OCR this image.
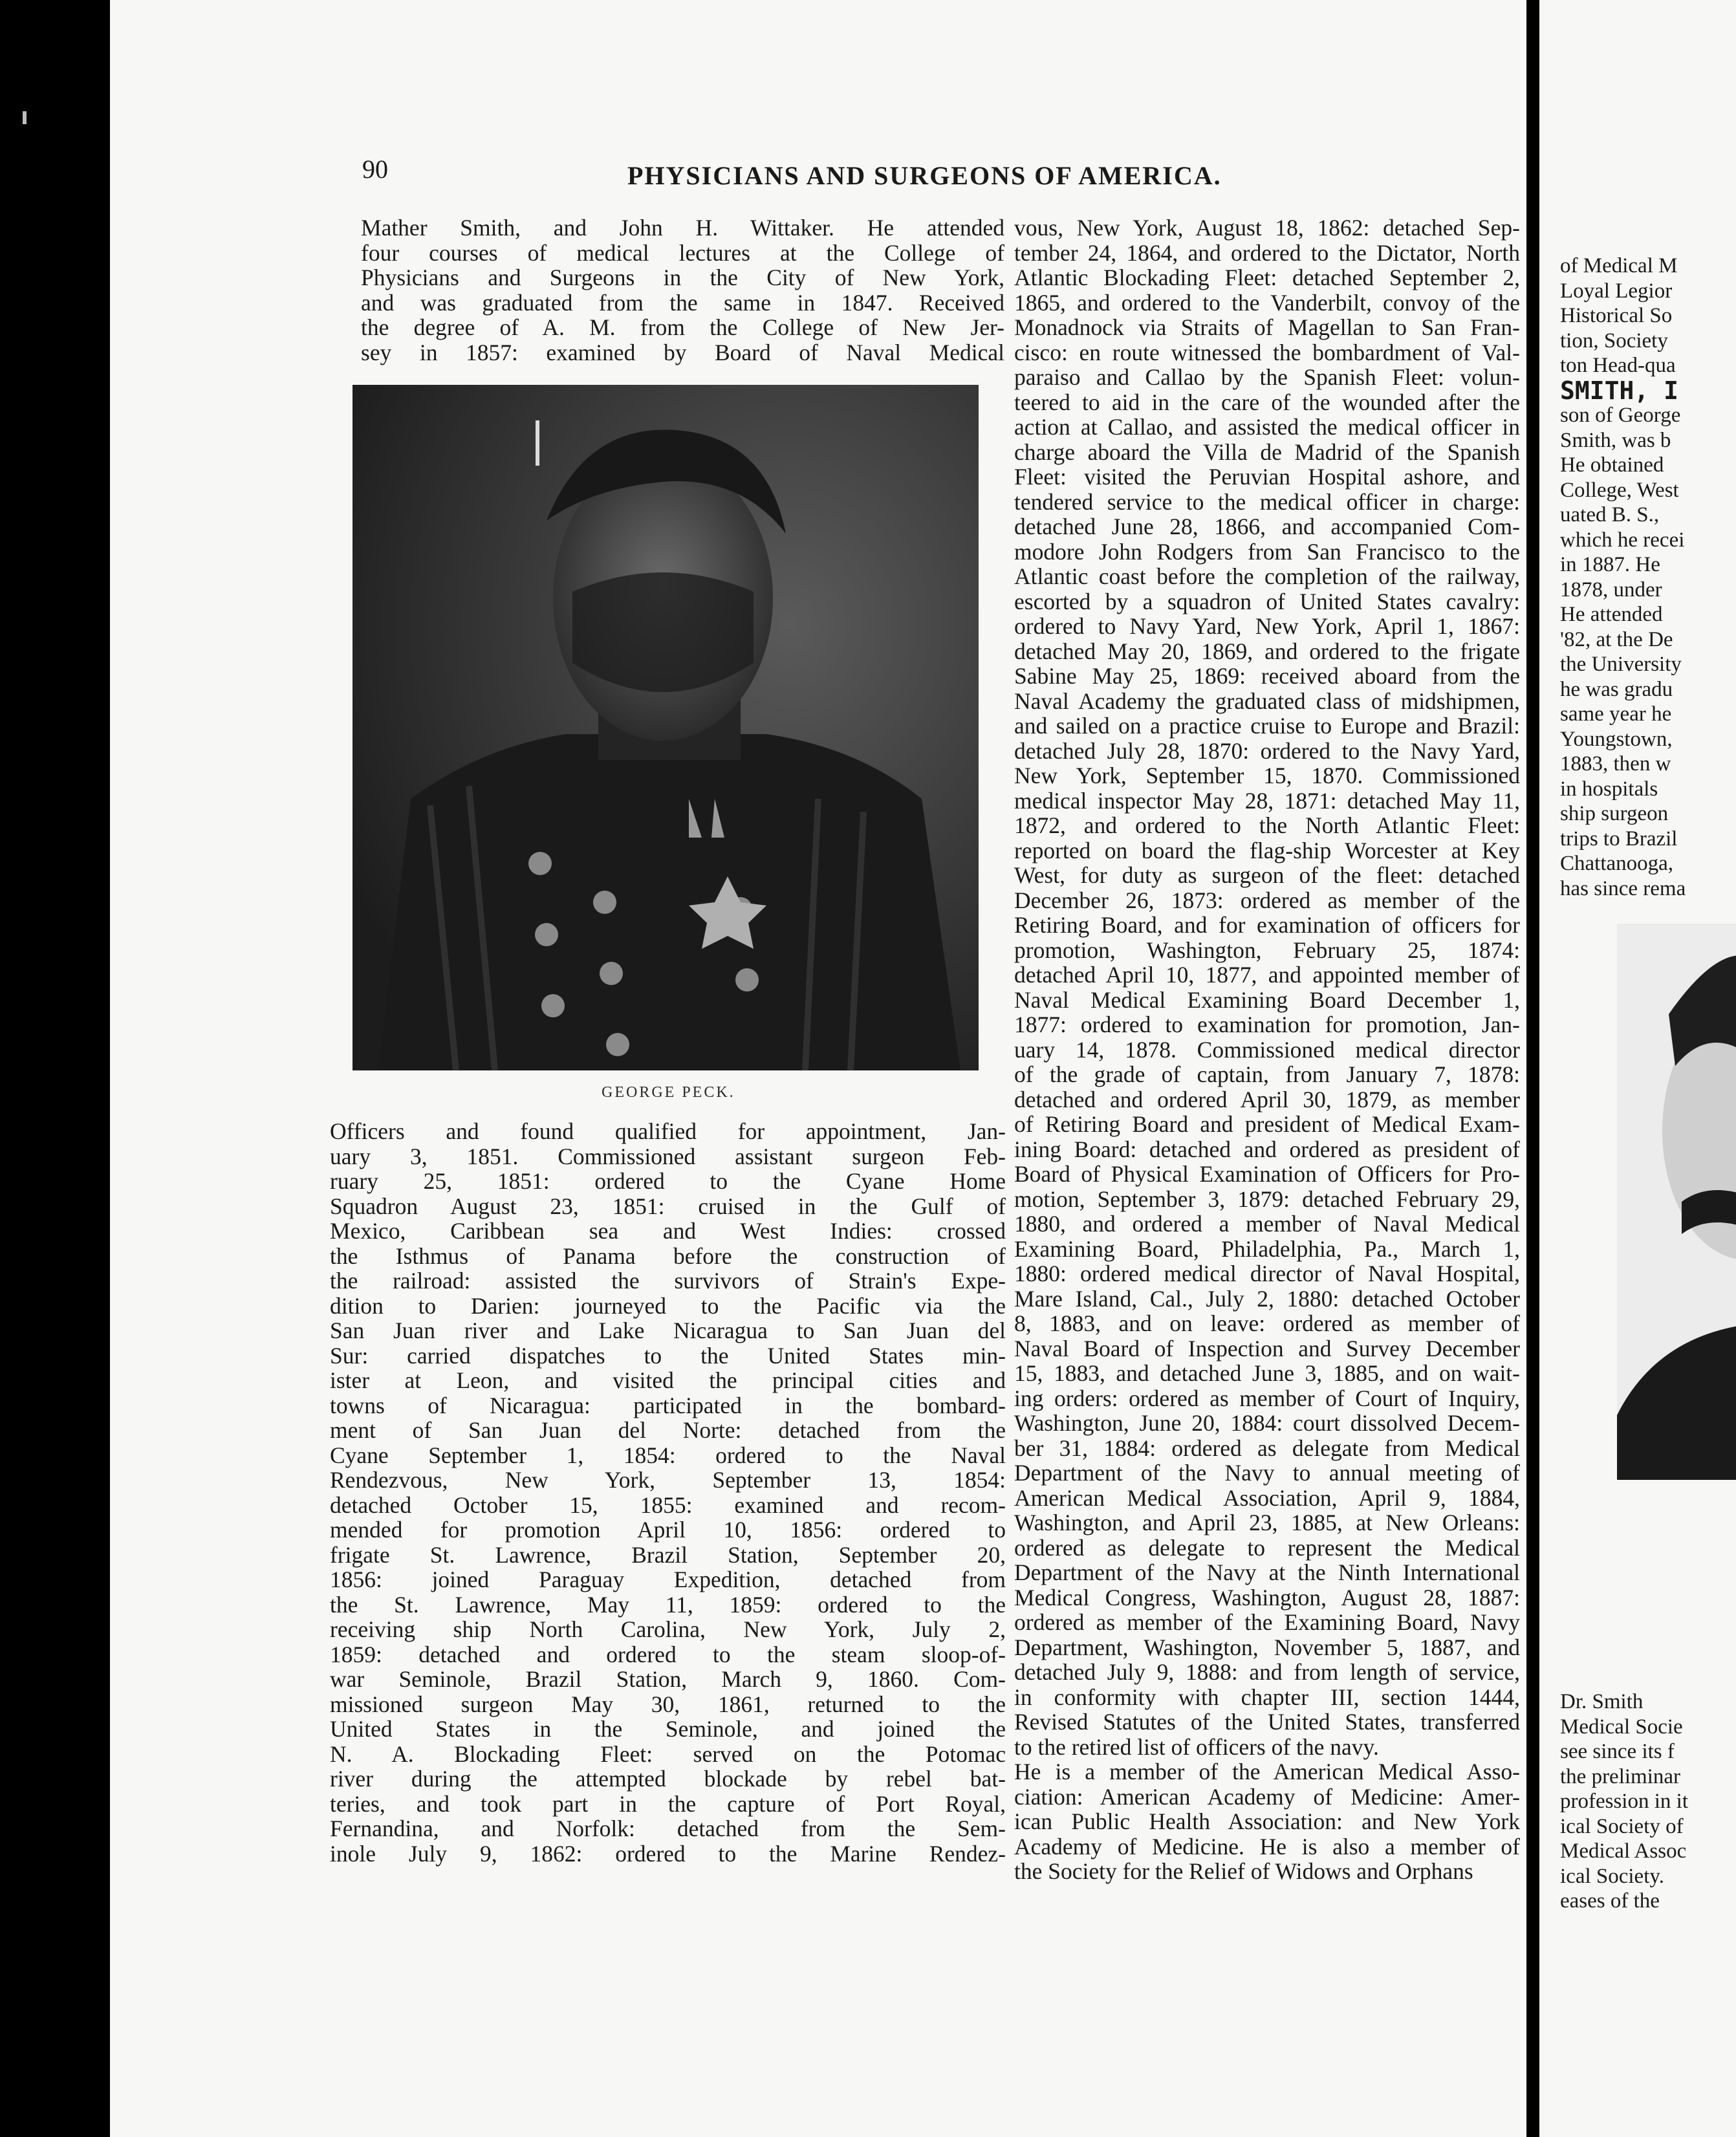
90	PHYSICIANS AND SURGEONS OF AMERICA.
Mather Smith, and John H. Wittaker. He attended
four courses of medical lectures at the College of
Physicians and Surgeons in the City of New York,
and was graduated from the same in 1847. Received
the degree of A. M. from the College of New Jer-
sey in 1857: examined by Board of Naval Medical
GEORGE PECK.
Officers and found qualified for appointment, Jan-
uary 3, 1851. Commissioned assistant surgeon Feb-
ruary 25, 1851: ordered to the Cyane Home
Squadron August 23, 1851: cruised in the Gulf of
Mexico, Caribbean sea and West Indies: crossed
the Isthmus of Panama before the construction of
the railroad: assisted the survivors of Strain's Expe-
dition to Darien: journeyed to the Pacific via the
San Juan river and Lake Nicaragua to San Juan del
Sur: carried dispatches to the United States min-
ister at Leon, and visited the principal cities and
towns of Nicaragua: participated in the bombard-
ment of San Juan del Norte: detached from the
Cyane September 1, 1854: ordered to the Naval
Rendezvous, New York, September 13, 1854:
detached October 15, 1855: examined and recom-
mended for promotion April 10, 1856: ordered to
frigate St. Lawrence, Brazil Station, September 20,
1856: joined Paraguay Expedition, detached from
the St. Lawrence, May 11, 1859: ordered to the
receiving ship North Carolina, New York, July 2,
1859: detached and ordered to the steam sloop-of-
war Seminole, Brazil Station, March 9, 1860. Com-
missioned surgeon May 30, 1861, returned to the
United States in the Seminole, and joined the
N. A. Blockading Fleet: served on the Potomac
river during the attempted blockade by rebel bat-
teries, and took part in the capture of Port Royal,
Fernandina, and Norfolk: detached from the Sem-
inole July 9, 1862: ordered to the Marine Rendez-
vous, New York, August 18, 1862: detached Sep-
tember 24, 1864, and ordered to the Dictator, North
Atlantic Blockading Fleet: detached September 2,
1865, and ordered to the Vanderbilt, convoy of the
Monadnock via Straits of Magellan to San Fran-
cisco: en route witnessed the bombardment of Val-
paraiso and Callao by the Spanish Fleet: volun-
teered to aid in the care of the wounded after the
action at Callao, and assisted the medical officer in
charge aboard the Villa de Madrid of the Spanish
Fleet: visited the Peruvian Hospital ashore, and
tendered service to the medical officer in charge:
detached June 28, 1866, and accompanied Com-
modore John Rodgers from San Francisco to the
Atlantic coast before the completion of the railway,
escorted by a squadron of United States cavalry:
ordered to Navy Yard, New York, April 1, 1867:
detached May 20, 1869, and ordered to the frigate
Sabine May 25, 1869: received aboard from the
Naval Academy the graduated class of midshipmen,
and sailed on a practice cruise to Europe and Brazil:
detached July 28, 1870: ordered to the Navy Yard,
New York, September 15, 1870. Commissioned
medical inspector May 28, 1871: detached May 11,
1872, and ordered to the North Atlantic Fleet:
reported on board the flag-ship Worcester at Key
West, for duty as surgeon of the fleet: detached
December 26, 1873: ordered as member of the
Retiring Board, and for examination of officers for
promotion, Washington, February 25, 1874:
detached April 10, 1877, and appointed member of
Naval Medical Examining Board December 1,
1877: ordered to examination for promotion, Jan-
uary 14, 1878. Commissioned medical director
of the grade of captain, from January 7, 1878:
detached and ordered April 30, 1879, as member
of Retiring Board and president of Medical Exam-
ining Board: detached and ordered as president of
Board of Physical Examination of Officers for Pro-
motion, September 3, 1879: detached February 29,
1880, and ordered a member of Naval Medical
Examining Board, Philadelphia, Pa., March 1,
1880: ordered medical director of Naval Hospital,
Mare Island, Cal., July 2, 1880: detached October
8, 1883, and on leave: ordered as member of
Naval Board of Inspection and Survey December
15, 1883, and detached June 3, 1885, and on wait-
ing orders: ordered as member of Court of Inquiry,
Washington, June 20, 1884: court dissolved Decem-
ber 31, 1884: ordered as delegate from Medical
Department of the Navy to annual meeting of
American Medical Association, April 9, 1884,
Washington, and April 23, 1885, at New Orleans:
ordered as delegate to represent the Medical
Department of the Navy at the Ninth International
Medical Congress, Washington, August 28, 1887:
ordered as member of the Examining Board, Navy
Department, Washington, November 5, 1887, and
detached July 9, 1888: and from length of service,
in conformity with chapter III, section 1444,
Revised Statutes of the United States, transferred
to the retired list of officers of the navy.
He is a member of the American Medical Asso-
ciation: American Academy of Medicine: Amer-
ican Public Health Association: and New York
Academy of Medicine. He is also a member of
the Society for the Relief of Widows and Orphans
of Medical M
Loyal Legior
Historical So
tion, Society
ton Head-qua
SMITH, I
son of George
Smith, was b
He obtained
College, West
uated B. S.,
which he recei
in 1887. He
1878, under
He attended
'82, at the De
the University
he was gradu
same year he
Youngstown,
1883, then w
in hospitals
ship surgeon
trips to Brazil
Chattanooga,
has since rema
Dr. Smith
Medical Socie
see since its f
the preliminar
profession in it
ical Society of
Medical Assoc
ical Society.
eases of the
